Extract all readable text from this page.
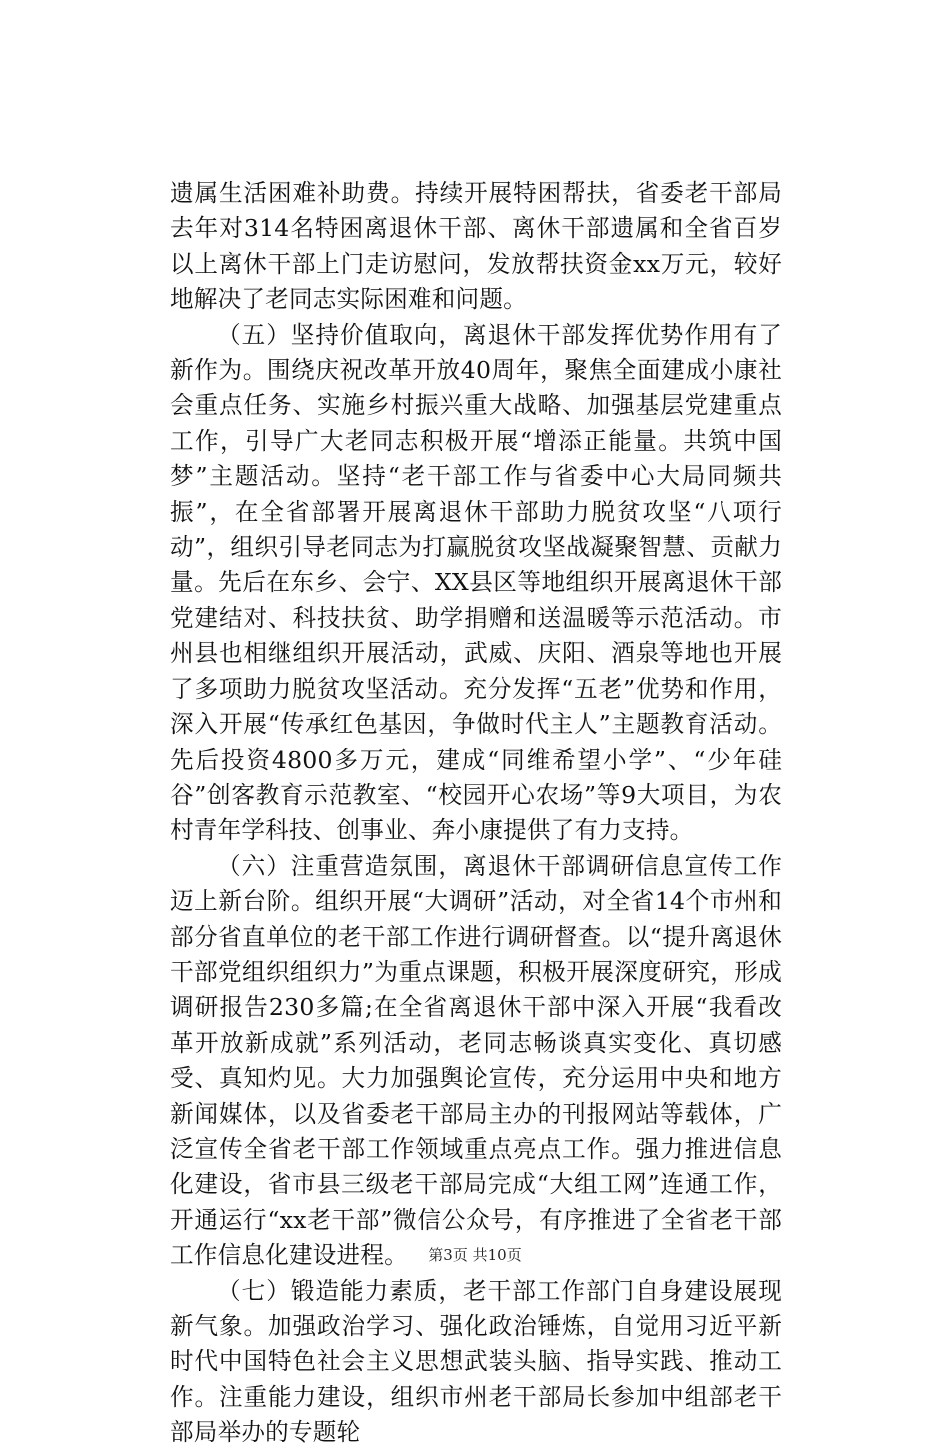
遗属生活困难补助费。持续开展特困帮扶，省委老干部局去年对314名特困离退休干部、离休干部遗属和全省百岁以上离休干部上门走访慰问，发放帮扶资金xx万元，较好地解决了老同志实际困难和问题。

（五）坚持价值取向，离退休干部发挥优势作用有了新作为。围绕庆祝改革开放40周年，聚焦全面建成小康社会重点任务、实施乡村振兴重大战略、加强基层党建重点工作，引导广大老同志积极开展“增添正能量。共筑中国梦”主题活动。坚持“老干部工作与省委中心大局同频共振”，在全省部署开展离退休干部助力脱贫攻坚“八项行动”，组织引导老同志为打赢脱贫攻坚战凝聚智慧、贡献力量。先后在东乡、会宁、XX县区等地组织开展离退休干部党建结对、科技扶贫、助学捐赠和送温暖等示范活动。市州县也相继组织开展活动，武威、庆阳、酒泉等地也开展了多项助力脱贫攻坚活动。充分发挥“五老”优势和作用，深入开展“传承红色基因，争做时代主人”主题教育活动。先后投资4800多万元，建成“同维希望小学”、“少年硅谷”创客教育示范教室、“校园开心农场”等9大项目，为农村青年学科技、创事业、奔小康提供了有力支持。

（六）注重营造氛围，离退休干部调研信息宣传工作迈上新台阶。组织开展“大调研”活动，对全省14个市州和部分省直单位的老干部工作进行调研督查。以“提升离退休干部党组织组织力”为重点课题，积极开展深度研究，形成调研报告230多篇;在全省离退休干部中深入开展“我看改革开放新成就”系列活动，老同志畅谈真实变化、真切感受、真知灼见。大力加强舆论宣传，充分运用中央和地方新闻媒体，以及省委老干部局主办的刊报网站等载体，广泛宣传全省老干部工作领域重点亮点工作。强力推进信息化建设，省市县三级老干部局完成“大组工网”连通工作，开通运行“xx老干部”微信公众号，有序推进了全省老干部工作信息化建设进程。

（七）锻造能力素质，老干部工作部门自身建设展现新气象。加强政治学习、强化政治锤炼，自觉用习近平新时代中国特色社会主义思想武装头脑、指导实践、推动工作。注重能力建设，组织市州老干部局长参加中组部老干部局举办的专题轮

第3页 共10页
